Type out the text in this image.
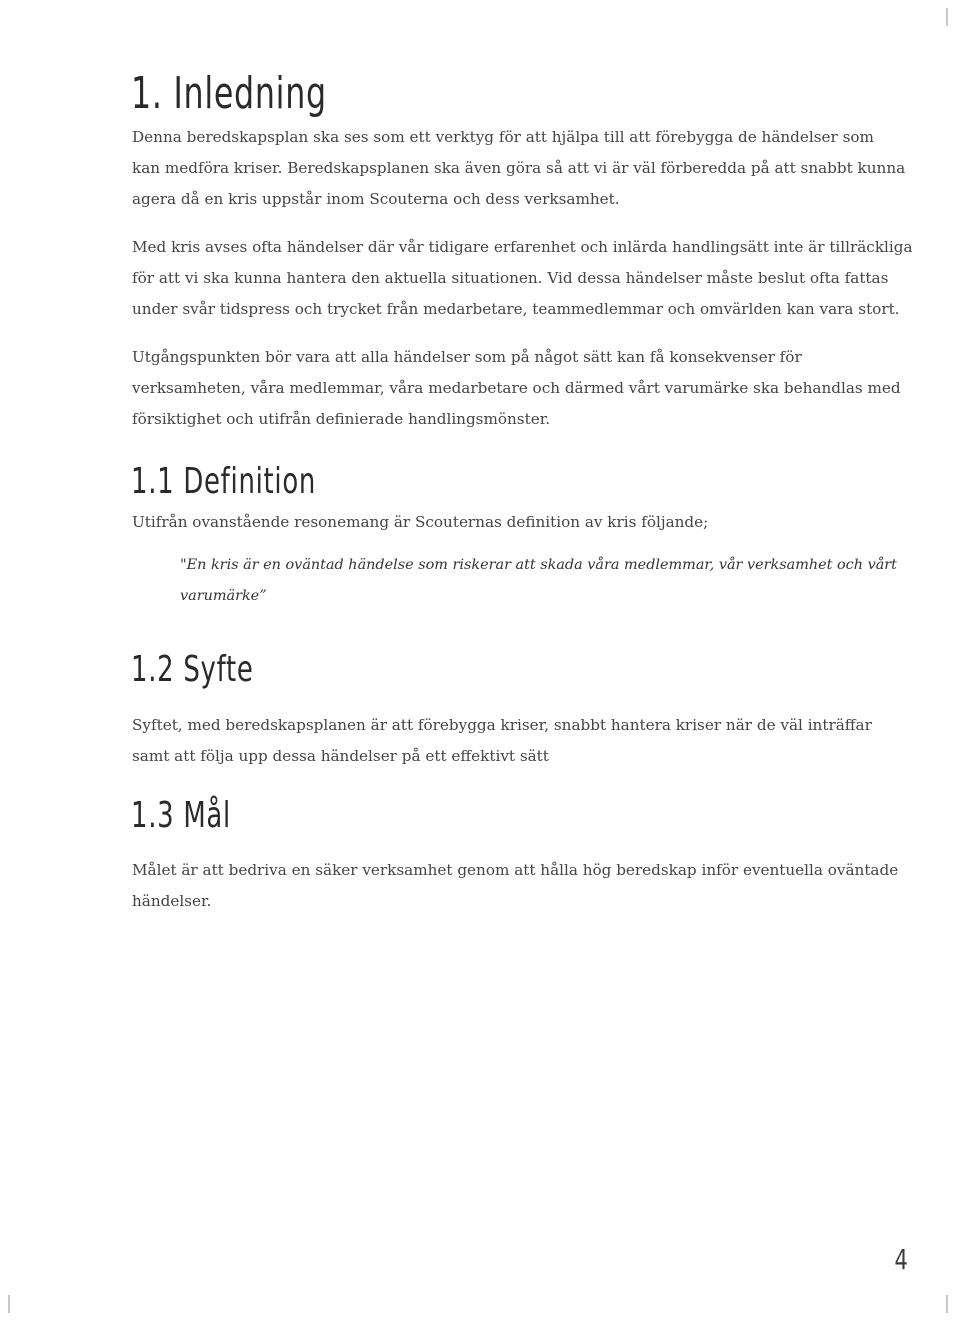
1. Inledning

Denna beredskapsplan ska ses som ett verktyg för att hjälpa till att förebygga de händelser som
kan medföra kriser. Beredskapsplanen ska även göra så att vi är väl förberedda på att snabbt kunna
agera då en kris uppstår inom Scouterna och dess verksamhet.

Med kris avses ofta händelser där vår tidigare erfarenhet och inlärda handlingsätt inte är tillräckliga
för att vi ska kunna hantera den aktuella situationen. Vid dessa händelser måste beslut ofta fattas
under svår tidspress och trycket från medarbetare, teammedlemmar och omvärlden kan vara stort.

Utgångspunkten bör vara att alla händelser som på något sätt kan få konsekvenser för
verksamheten, våra medlemmar, våra medarbetare och därmed vårt varumärke ska behandlas med
försiktighet och utifrån definierade handlingsmönster.

1.1 Definition

Utifrån ovanstående resonemang är Scouternas definition av kris följande;

"En kris är en oväntad händelse som riskerar att skada våra medlemmar, vår verksamhet och vårt
varumärke”

1.2 Syfte

Syftet, med beredskapsplanen är att förebygga kriser, snabbt hantera kriser när de väl inträffar
samt att följa upp dessa händelser på ett effektivt sätt

1.3 Mål

Målet är att bedriva en säker verksamhet genom att hålla hög beredskap inför eventuella oväntade
händelser.

4
